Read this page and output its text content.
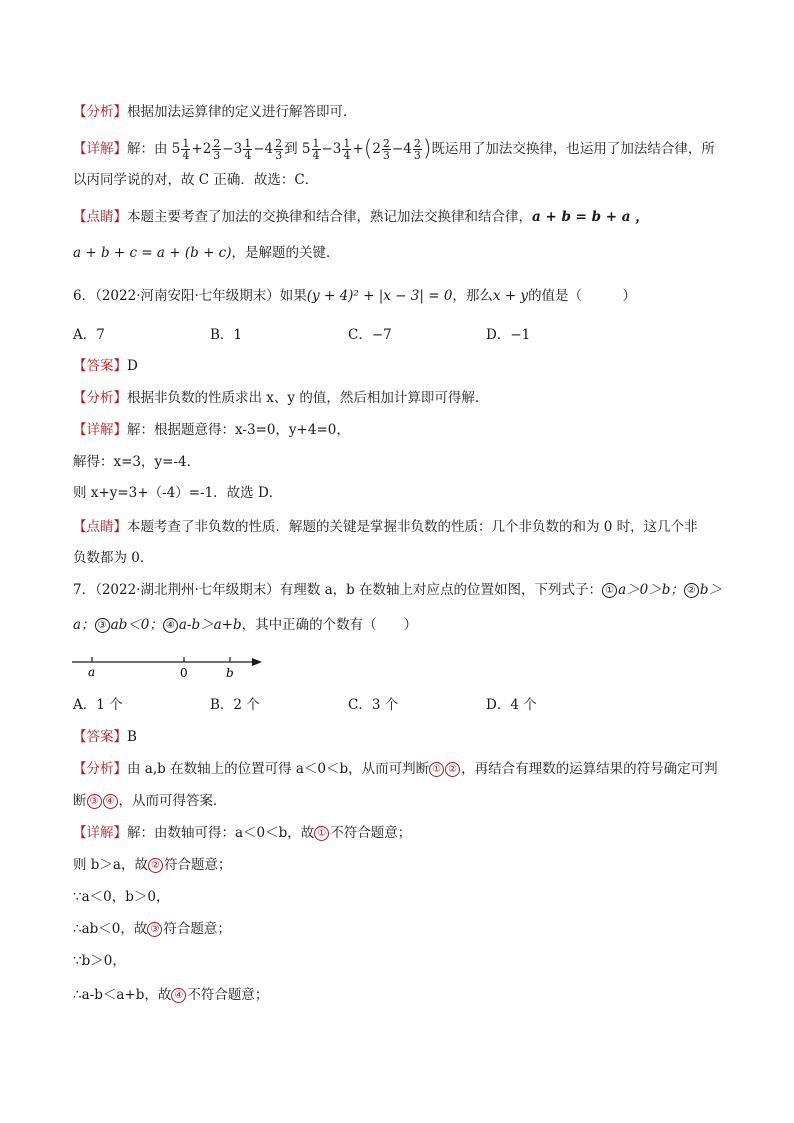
【分析】根据加法运算律的定义进行解答即可．
【详解】解：由 $5 \frac{1}{4} +2 \frac{2}{3} -3 \frac{1}{4} -4 \frac{2}{3}$ 到 $5 \frac{1}{4} -3 \frac{1}{4} +(2 \frac{2}{3} -4 \frac{2}{3}$ )既运用了加法交换律，也运用了加法结合律，所
以丙同学说的对，故 C 正确．故选：C．
【点睛】本题主要考查了加法的交换律和结合律，熟记加法交换律和结合律，a + b = b + a ，
a + b + c = a + (b + c)，是解题的关键．
6．（2022·河南安阳·七年级期末）如果(y + 4)² + |x − 3| = 0，那么x + y的值是（　　　）
A．7	B．1	C．−7	D．−1
【答案】D
【分析】根据非负数的性质求出 x、y 的值，然后相加计算即可得解．
【详解】解：根据题意得：x-3=0，y+4=0，
解得：x=3，y=-4．
则 x+y=3+（-4）=-1．故选 D．
【点睛】本题考查了非负数的性质．解题的关键是掌握非负数的性质：几个非负数的和为 0 时，这几个非
负数都为 0．
7．（2022·湖北荆州·七年级期末）有理数 a，b 在数轴上对应点的位置如图，下列式子： ① a＞0＞b； ② b＞
a； ③ ab＜0； ④ a-b＞a+b，其中正确的个数有（　　）
a	0	b
A．1 个	B．2 个	C．3 个	D．4 个
【答案】B
【分析】由 a,b 在数轴上的位置可得 a＜0＜b，从而可判断 ① ② ，再结合有理数的运算结果的符号确定可判
断 ③ ④ ，从而可得答案．
【详解】解：由数轴可得：a＜0＜b，故 ① 不符合题意；
则 b＞a，故 ② 符合题意；
∵a＜0，b＞0，
∴ab＜0，故 ③ 符合题意；
∵b＞0，
∴a-b＜a+b，故 ④ 不符合题意；
